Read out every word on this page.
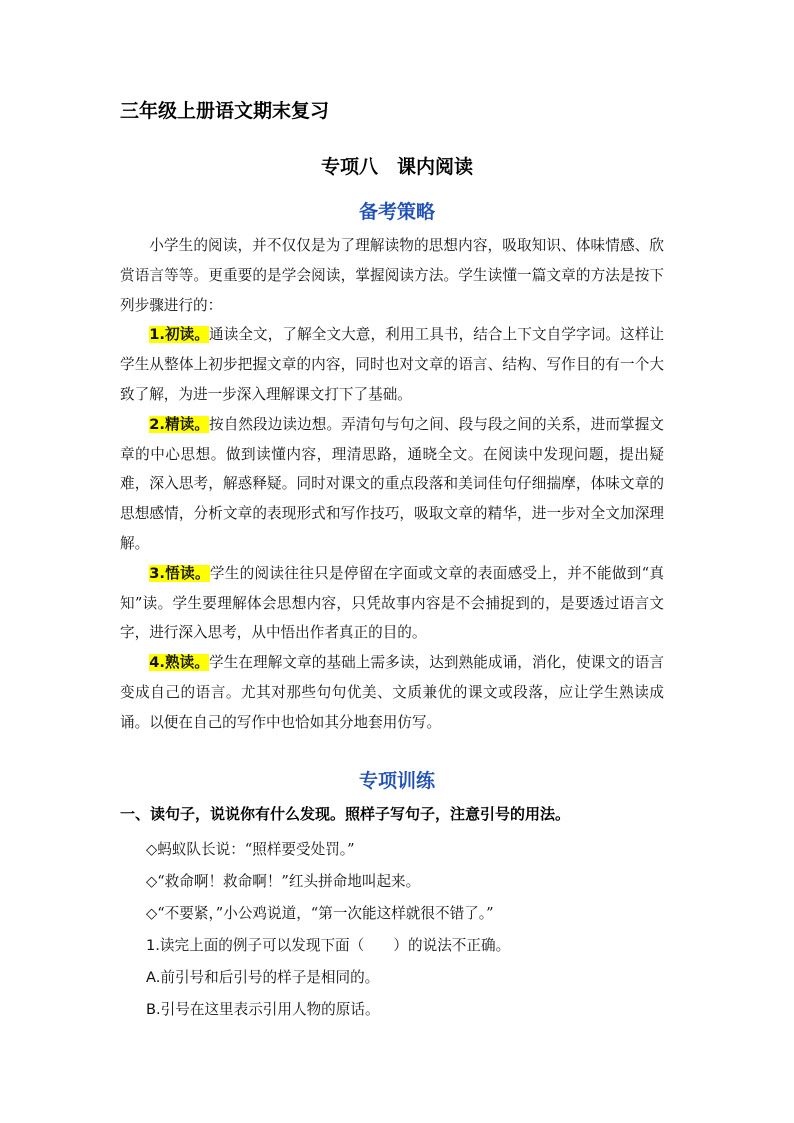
三年级上册语文期末复习
专项八　课内阅读
备考策略

小学生的阅读，并不仅仅是为了理解读物的思想内容，吸取知识、体味情感、欣赏语言等等。更重要的是学会阅读，掌握阅读方法。学生读懂一篇文章的方法是按下列步骤进行的：

1.初读。通读全文，了解全文大意，利用工具书，结合上下文自学字词。这样让学生从整体上初步把握文章的内容，同时也对文章的语言、结构、写作目的有一个大致了解，为进一步深入理解课文打下了基础。

2.精读。按自然段边读边想。弄清句与句之间、段与段之间的关系，进而掌握文章的中心思想。做到读懂内容，理清思路，通晓全文。在阅读中发现问题，提出疑难，深入思考，解惑释疑。同时对课文的重点段落和美词佳句仔细揣摩，体味文章的思想感情，分析文章的表现形式和写作技巧，吸取文章的精华，进一步对全文加深理解。

3.悟读。学生的阅读往往只是停留在字面或文章的表面感受上，并不能做到“真知”读。学生要理解体会思想内容，只凭故事内容是不会捕捉到的，是要透过语言文字，进行深入思考，从中悟出作者真正的目的。

4.熟读。学生在理解文章的基础上需多读，达到熟能成诵，消化，使课文的语言变成自己的语言。尤其对那些句句优美、文质兼优的课文或段落，应让学生熟读成诵。以便在自己的写作中也恰如其分地套用仿写。

专项训练
一、读句子，说说你有什么发现。照样子写句子，注意引号的用法。
◇蚂蚁队长说：“照样要受处罚。”
◇“救命啊！救命啊！”红头拼命地叫起来。
◇“不要紧，”小公鸡说道，“第一次能这样就很不错了。”
1.读完上面的例子可以发现下面（　　）的说法不正确。
A.前引号和后引号的样子是相同的。
B.引号在这里表示引用人物的原话。
